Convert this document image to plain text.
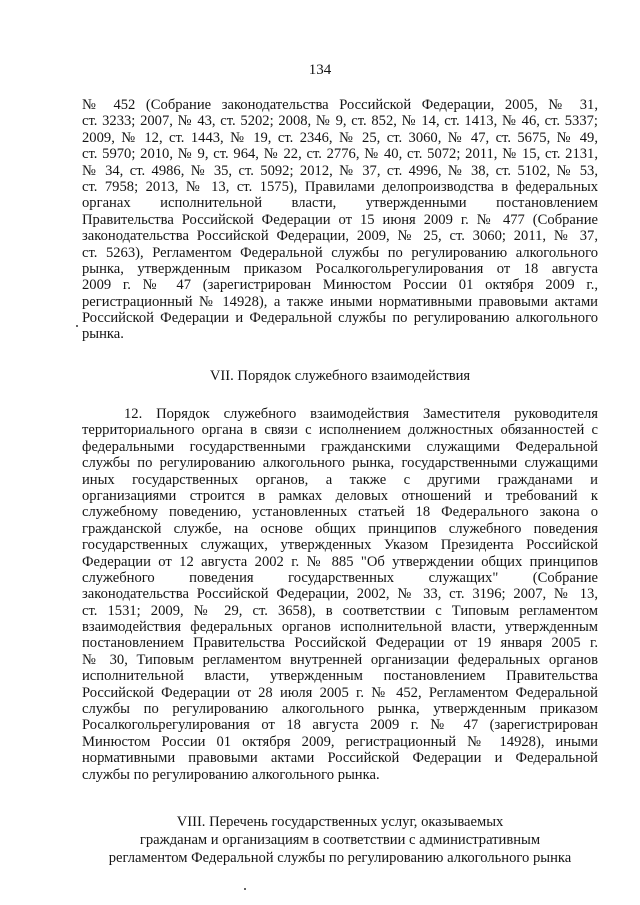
134
№ 452 (Собрание законодательства Российской Федерации, 2005, № 31,
ст. 3233; 2007, № 43, ст. 5202; 2008, № 9, ст. 852, № 14, ст. 1413, № 46, ст. 5337;
2009, № 12, ст. 1443, № 19, ст. 2346, № 25, ст. 3060, № 47, ст. 5675, № 49,
ст. 5970; 2010, № 9, ст. 964, № 22, ст. 2776, № 40, ст. 5072; 2011, № 15, ст. 2131,
№ 34, ст. 4986, № 35, ст. 5092; 2012, № 37, ст. 4996, № 38, ст. 5102, № 53,
ст. 7958; 2013, № 13, ст. 1575), Правилами делопроизводства в федеральных
органах исполнительной власти, утвержденными постановлением
Правительства Российской Федерации от 15 июня 2009 г. № 477 (Собрание
законодательства Российской Федерации, 2009, № 25, ст. 3060; 2011, № 37,
ст. 5263), Регламентом Федеральной службы по регулированию алкогольного
рынка, утвержденным приказом Росалкогольрегулирования от 18 августа
2009 г. № 47 (зарегистрирован Минюстом России 01 октября 2009 г.,
регистрационный № 14928), а также иными нормативными правовыми актами
Российской Федерации и Федеральной службы по регулированию алкогольного
рынка.
VII. Порядок служебного взаимодействия
12. Порядок служебного взаимодействия Заместителя руководителя
территориального органа в связи с исполнением должностных обязанностей с
федеральными государственными гражданскими служащими Федеральной
службы по регулированию алкогольного рынка, государственными служащими
иных государственных органов, а также с другими гражданами и
организациями строится в рамках деловых отношений и требований к
служебному поведению, установленных статьей 18 Федерального закона о
гражданской службе, на основе общих принципов служебного поведения
государственных служащих, утвержденных Указом Президента Российской
Федерации от 12 августа 2002 г. № 885 "Об утверждении общих принципов
служебного поведения государственных служащих" (Собрание
законодательства Российской Федерации, 2002, № 33, ст. 3196; 2007, № 13,
ст. 1531; 2009, № 29, ст. 3658), в соответствии с Типовым регламентом
взаимодействия федеральных органов исполнительной власти, утвержденным
постановлением Правительства Российской Федерации от 19 января 2005 г.
№ 30, Типовым регламентом внутренней организации федеральных органов
исполнительной власти, утвержденным постановлением Правительства
Российской Федерации от 28 июля 2005 г. № 452, Регламентом Федеральной
службы по регулированию алкогольного рынка, утвержденным приказом
Росалкогольрегулирования от 18 августа 2009 г. № 47 (зарегистрирован
Минюстом России 01 октября 2009, регистрационный № 14928), иными
нормативными правовыми актами Российской Федерации и Федеральной
службы по регулированию алкогольного рынка.
VIII. Перечень государственных услуг, оказываемых
гражданам и организациям в соответствии с административным
регламентом Федеральной службы по регулированию алкогольного рынка
